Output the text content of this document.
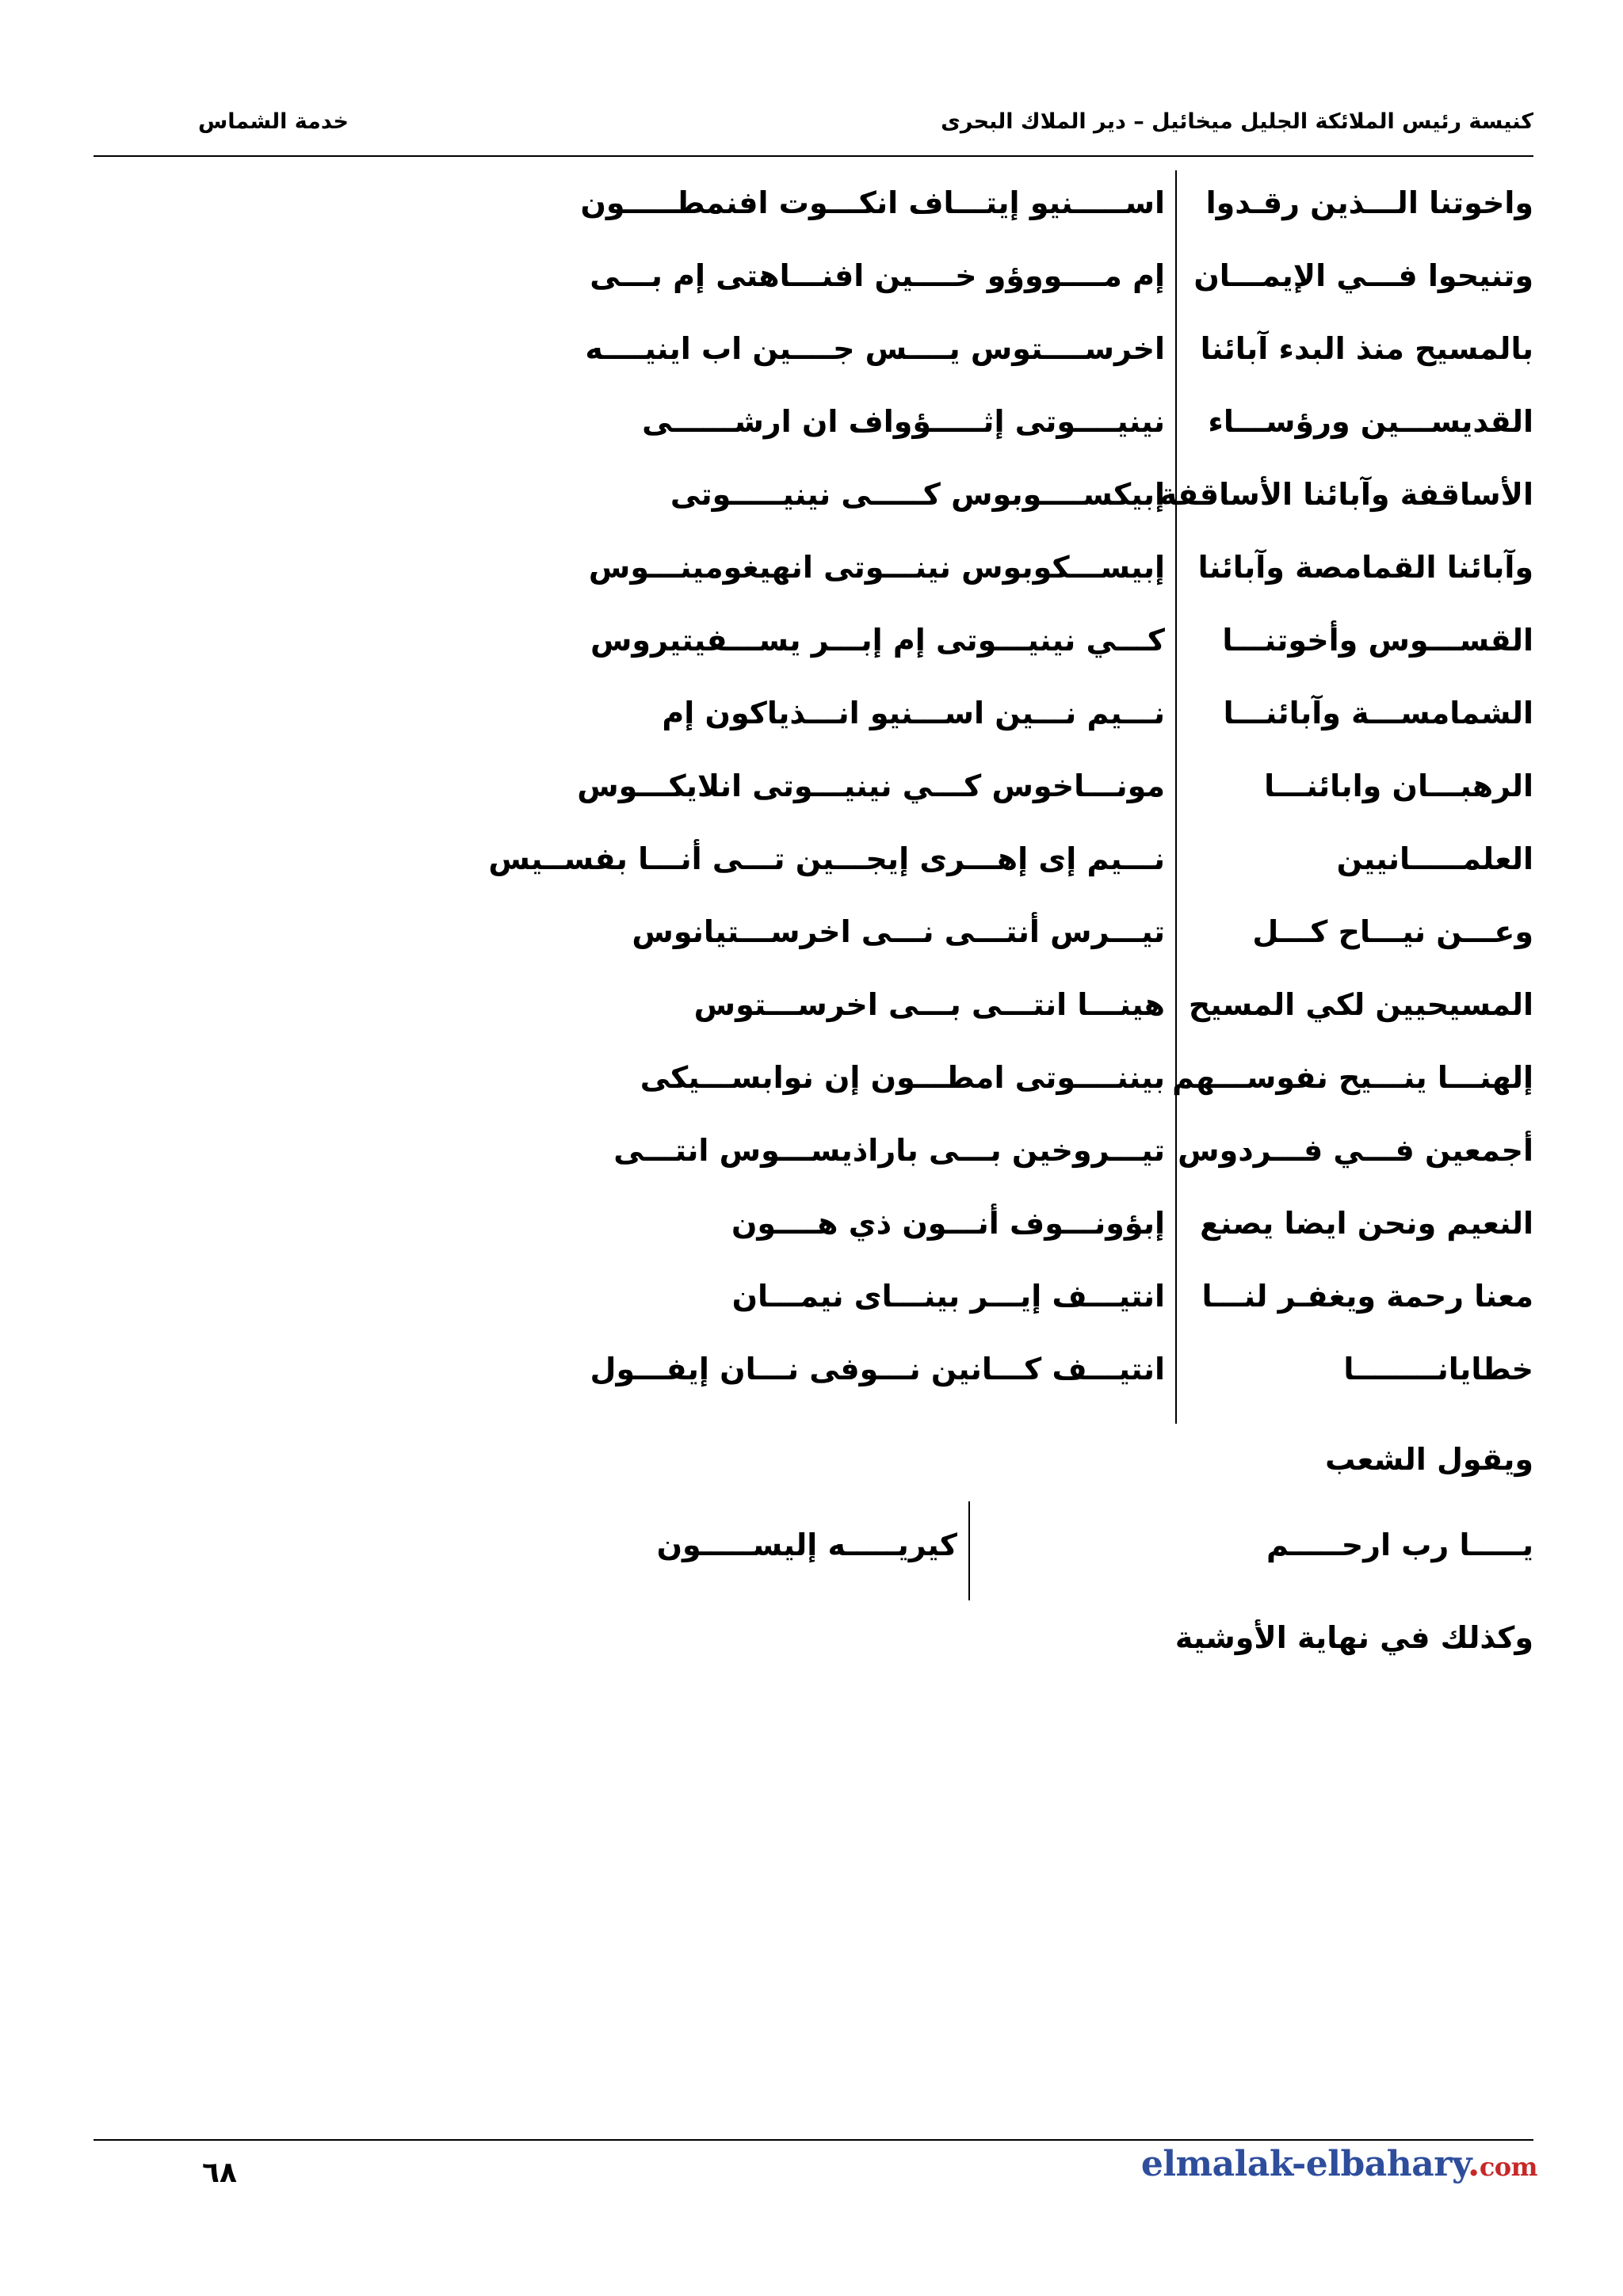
كنيسة رئيس الملائكة الجليل ميخائيل – دير الملاك البحرى
خدمة الشماس
واخوتنا الـــذين رقـدوا
اســـــنيو إيتـــاف انكـــوت افنمطـــــون
وتنيحوا فـــي الإيمـــان
إم مــــووؤو خــــين افنـــاهتى إم بـــى
بالمسيح منذ البدء آبائنا
اخرســــتوس يــــس جــــين اب اينيــــه
القديســـين ورؤســـاء
نينيــــوتى إثـــــؤواف ان ارشــــــى
الأساقفة وآبائنا الأساقفة
إبيكســــوبوس كـــــى نينيـــــوتى
وآبائنا القمامصة وآبائنا
إبيســـكوبوس نينـــوتى انهيغومينـــوس
القســـوس وأخوتنـــا
كـــي نينيـــوتى إم إبـــر يســـفيتيروس
الشمامســـة وآبائنـــا
نـــيم نـــين اســـنيو انـــذياكون إم
الرهبـــان وابائنـــا
مونـــاخوس كـــي نينيـــوتى انلايكـــوس
العلمـــــانيين
نـــيم إى إهـــرى إيجـــين تـــى أنـــا بفســيس
وعـــن نيـــاح كـــل
تيـــرس أنتـــى نـــى اخرســـتيانوس
المسيحيين لكي المسيح
هينـــا انتـــى بـــى اخرســـتوس
إلهنـــا ينـــيح نفوســـهم
بيننــــوتى امطـــون إن نوابســـيكى
أجمعين فـــي فـــردوس
تيـــروخين بـــى باراذيســـوس انتـــى
النعيم ونحن ايضا يصنع
إبؤونـــوف أنـــون ذي هــــون
معنا رحمة ويغفـر لنـــا
انتيـــف إيـــر بينـــاى نيمـــان
خطايانــــــــا
انتيـــف كـــانين نـــوفى نـــان إيفـــول
ويقول الشعب
يـــــا رب ارحـــــم
كيريـــــه إليســـــون
وكذلك في نهاية الأوشية
٦٨	elmalak-elbahary.com
